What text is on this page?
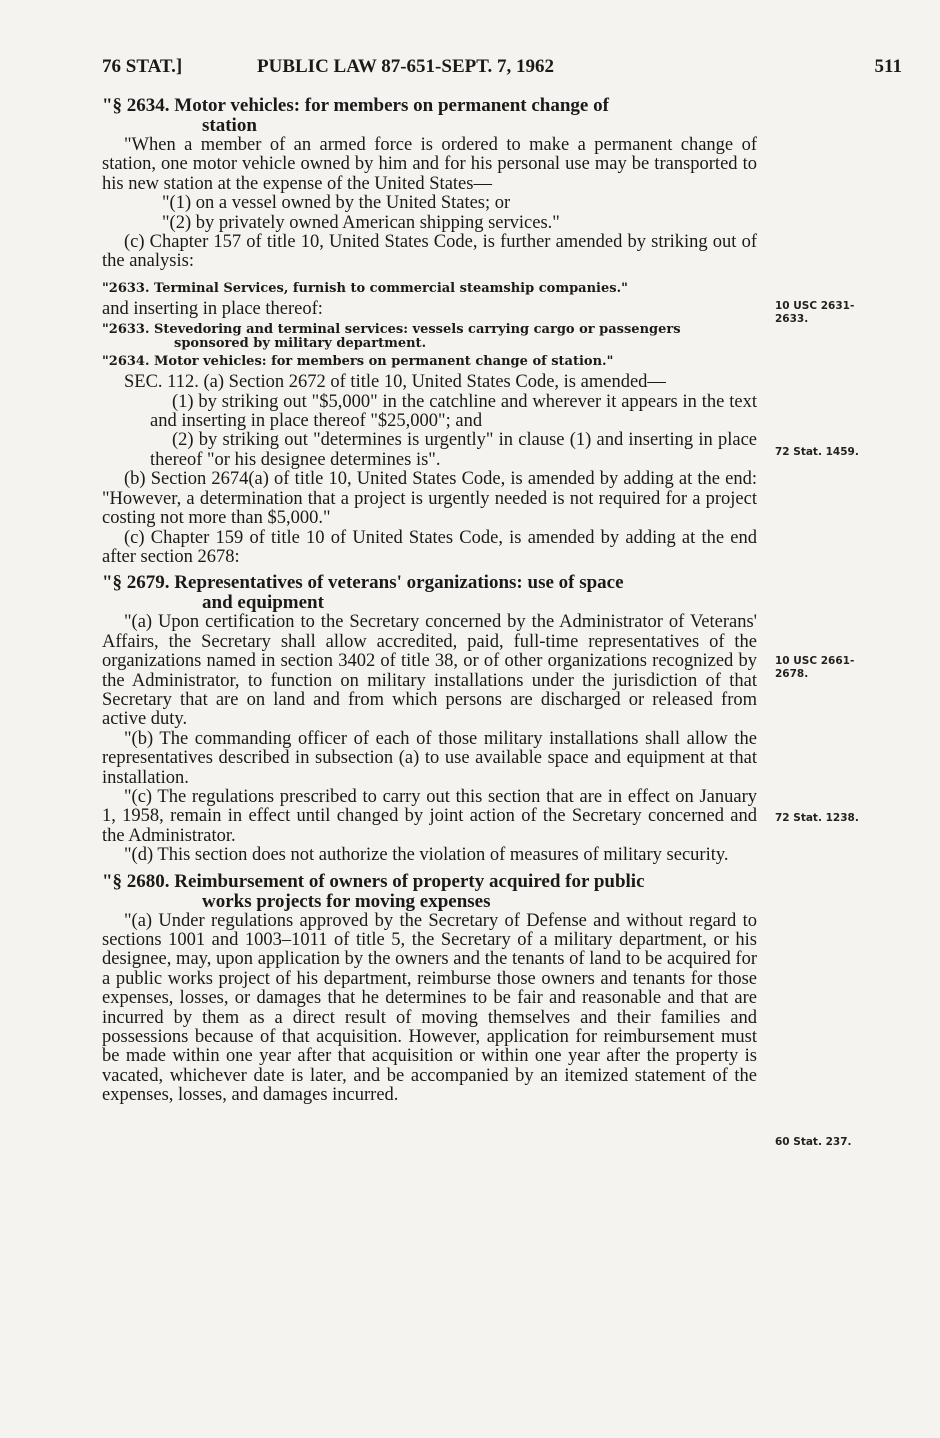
76 STAT.]	PUBLIC LAW 87-651-SEPT. 7, 1962	511
"§ 2634. Motor vehicles: for members on permanent change of
station

"When a member of an armed force is ordered to make a permanent change of station, one motor vehicle owned by him and for his personal use may be transported to his new station at the expense of the United States—

"(1) on a vessel owned by the United States; or

"(2) by privately owned American shipping services."

(c) Chapter 157 of title 10, United States Code, is further amended by striking out of the analysis:

"2633. Terminal Services, furnish to commercial steamship companies."

and inserting in place thereof:

"2633. Stevedoring and terminal services: vessels carrying cargo or passengers
sponsored by military department.
"2634. Motor vehicles: for members on permanent change of station."

SEC. 112. (a) Section 2672 of title 10, United States Code, is amended—

(1) by striking out "$5,000" in the catchline and wherever it appears in the text and inserting in place thereof "$25,000"; and

(2) by striking out "determines is urgently" in clause (1) and inserting in place thereof "or his designee determines is".

(b) Section 2674(a) of title 10, United States Code, is amended by adding at the end: "However, a determination that a project is urgently needed is not required for a project costing not more than $5,000."

(c) Chapter 159 of title 10 of United States Code, is amended by adding at the end after section 2678:

"§ 2679. Representatives of veterans' organizations: use of space
and equipment

"(a) Upon certification to the Secretary concerned by the Administrator of Veterans' Affairs, the Secretary shall allow accredited, paid, full-time representatives of the organizations named in section 3402 of title 38, or of other organizations recognized by the Administrator, to function on military installations under the jurisdiction of that Secretary that are on land and from which persons are discharged or released from active duty.

"(b) The commanding officer of each of those military installations shall allow the representatives described in subsection (a) to use available space and equipment at that installation.

"(c) The regulations prescribed to carry out this section that are in effect on January 1, 1958, remain in effect until changed by joint action of the Secretary concerned and the Administrator.

"(d) This section does not authorize the violation of measures of military security.

"§ 2680. Reimbursement of owners of property acquired for public
works projects for moving expenses

"(a) Under regulations approved by the Secretary of Defense and without regard to sections 1001 and 1003–1011 of title 5, the Secretary of a military department, or his designee, may, upon application by the owners and the tenants of land to be acquired for a public works project of his department, reimburse those owners and tenants for those expenses, losses, or damages that he determines to be fair and reasonable and that are incurred by them as a direct result of moving themselves and their families and possessions because of that acquisition. However, application for reimbursement must be made within one year after that acquisition or within one year after the property is vacated, whichever date is later, and be accompanied by an itemized statement of the expenses, losses, and damages incurred.

10 USC 2631-
2633.
72 Stat. 1459.
10 USC 2661-
2678.
72 Stat. 1238.
60 Stat. 237.
